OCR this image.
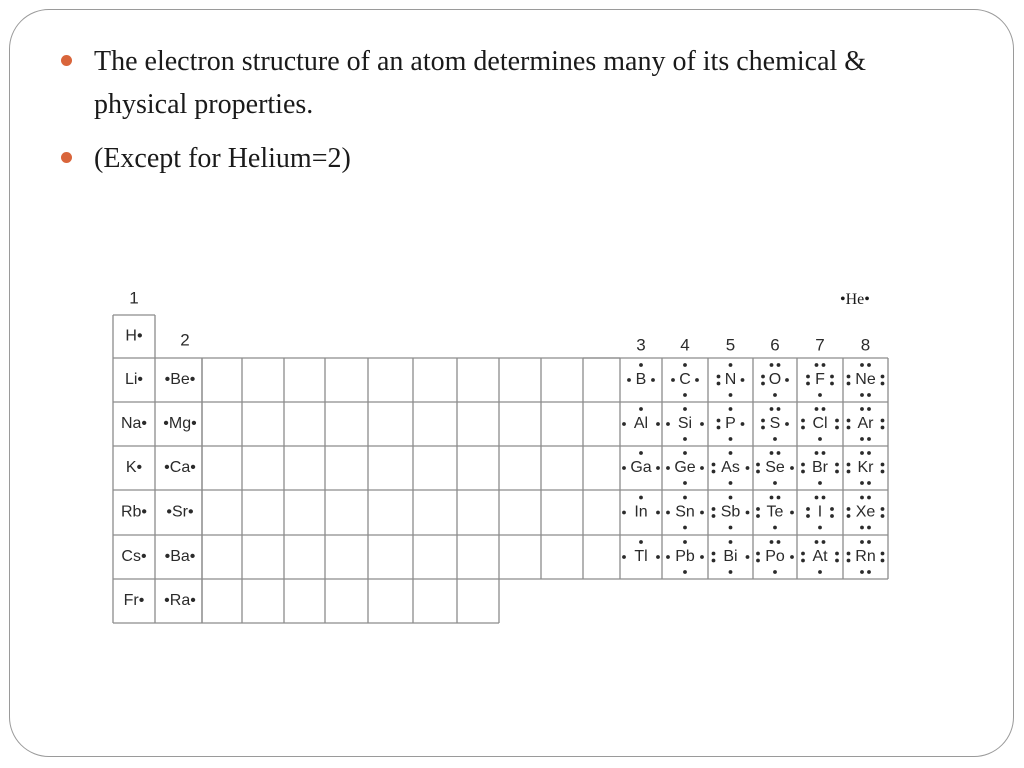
The electron structure of an atom determines many of its chemical & physical properties.
(Except for Helium=2)
•He•
1
2	3 4 5 6 7 8
H•
Li•
Na•
K•
Rb•
Cs•
Fr•
•Be•
•Mg•
•Ca•
•Sr•
•Ba•
•Ra•
B C N O F Ne
Al Si P S Cl Ar
Ga Ge As Se Br Kr
In Sn Sb Te I Xe
Tl Pb Bi Po At Rn
